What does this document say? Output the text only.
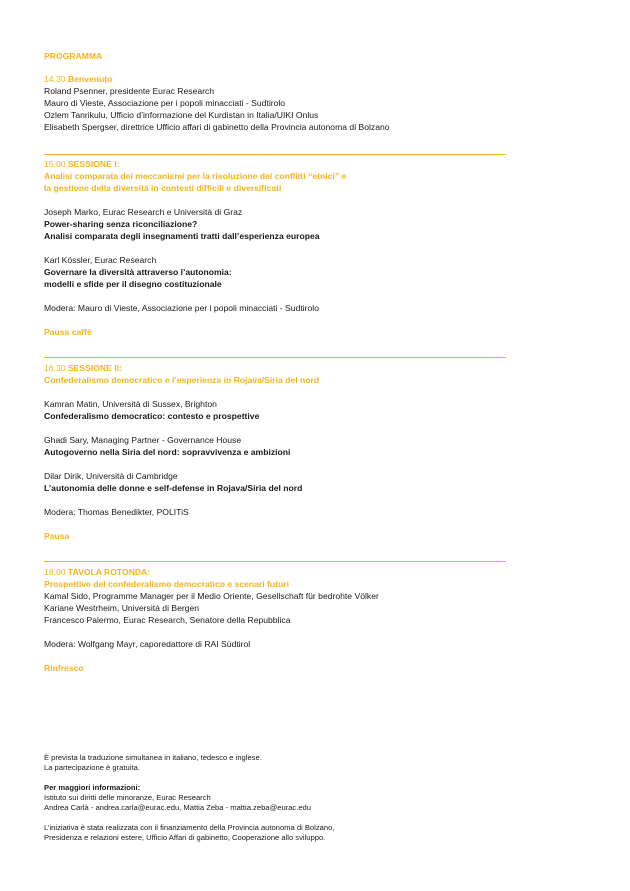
PROGRAMMA
14.30 Benvenuto
Roland Psenner, presidente Eurac Research
Mauro di Vieste, Associazione per i popoli minacciati - Sudtirolo
Ozlem Tanrikulu, Ufficio d’informazione del Kurdistan in Italia/UIKI Onlus
Elisabeth Spergser, direttrice Ufficio affari di gabinetto della Provincia autonoma di Bolzano
15.00 SESSIONE I:
Analisi comparata dei meccanismi per la risoluzione dei conflitti “etnici” e
la gestione della diversità in contesti difficili e diversificati
Joseph Marko, Eurac Research e Università di Graz
Power-sharing senza riconciliazione?
Analisi comparata degli insegnamenti tratti dall’esperienza europea
Karl Kössler, Eurac Research
Governare la diversità attraverso l’autonomia:
modelli e sfide per il disegno costituzionale
Modera: Mauro di Vieste, Associazione per i popoli minacciati - Sudtirolo
Pausa caffè
16.30 SESSIONE II:
Confederalismo democratico e l’esperienza in Rojava/Siria del nord
Kamran Matin, Università di Sussex, Brighton
Confederalismo democratico: contesto e prospettive
Ghadi Sary, Managing Partner - Governance House
Autogoverno nella Siria del nord: sopravvivenza e ambizioni
Dilar Dirik, Università di Cambridge
L’autonomia delle donne e self-defense in Rojava/Siria del nord
Modera: Thomas Benedikter, POLITiS
Pausa
18.00 TAVOLA ROTONDA:
Prospettive del confederalismo democratico e scenari futuri
Kamal Sido, Programme Manager per il Medio Oriente, Gesellschaft für bedrohte Völker
Kariane Westrheim, Università di Bergen
Francesco Palermo, Eurac Research, Senatore della Repubblica
Modera: Wolfgang Mayr, caporedattore di RAI Südtirol
Rinfresco
È prevista la traduzione simultanea in italiano, tedesco e inglese.
La partecipazione è gratuita.
Per maggiori informazioni:
Istituto sui diritti delle minoranze, Eurac Research
Andrea Carlà - andrea.carla@eurac.edu, Mattia Zeba - mattia.zeba@eurac.edu
L’iniziativa è stata realizzata con il finanziamento della Provincia autonoma di Bolzano,
Presidenza e relazioni estere, Ufficio Affari di gabinetto, Cooperazione allo sviluppo.
